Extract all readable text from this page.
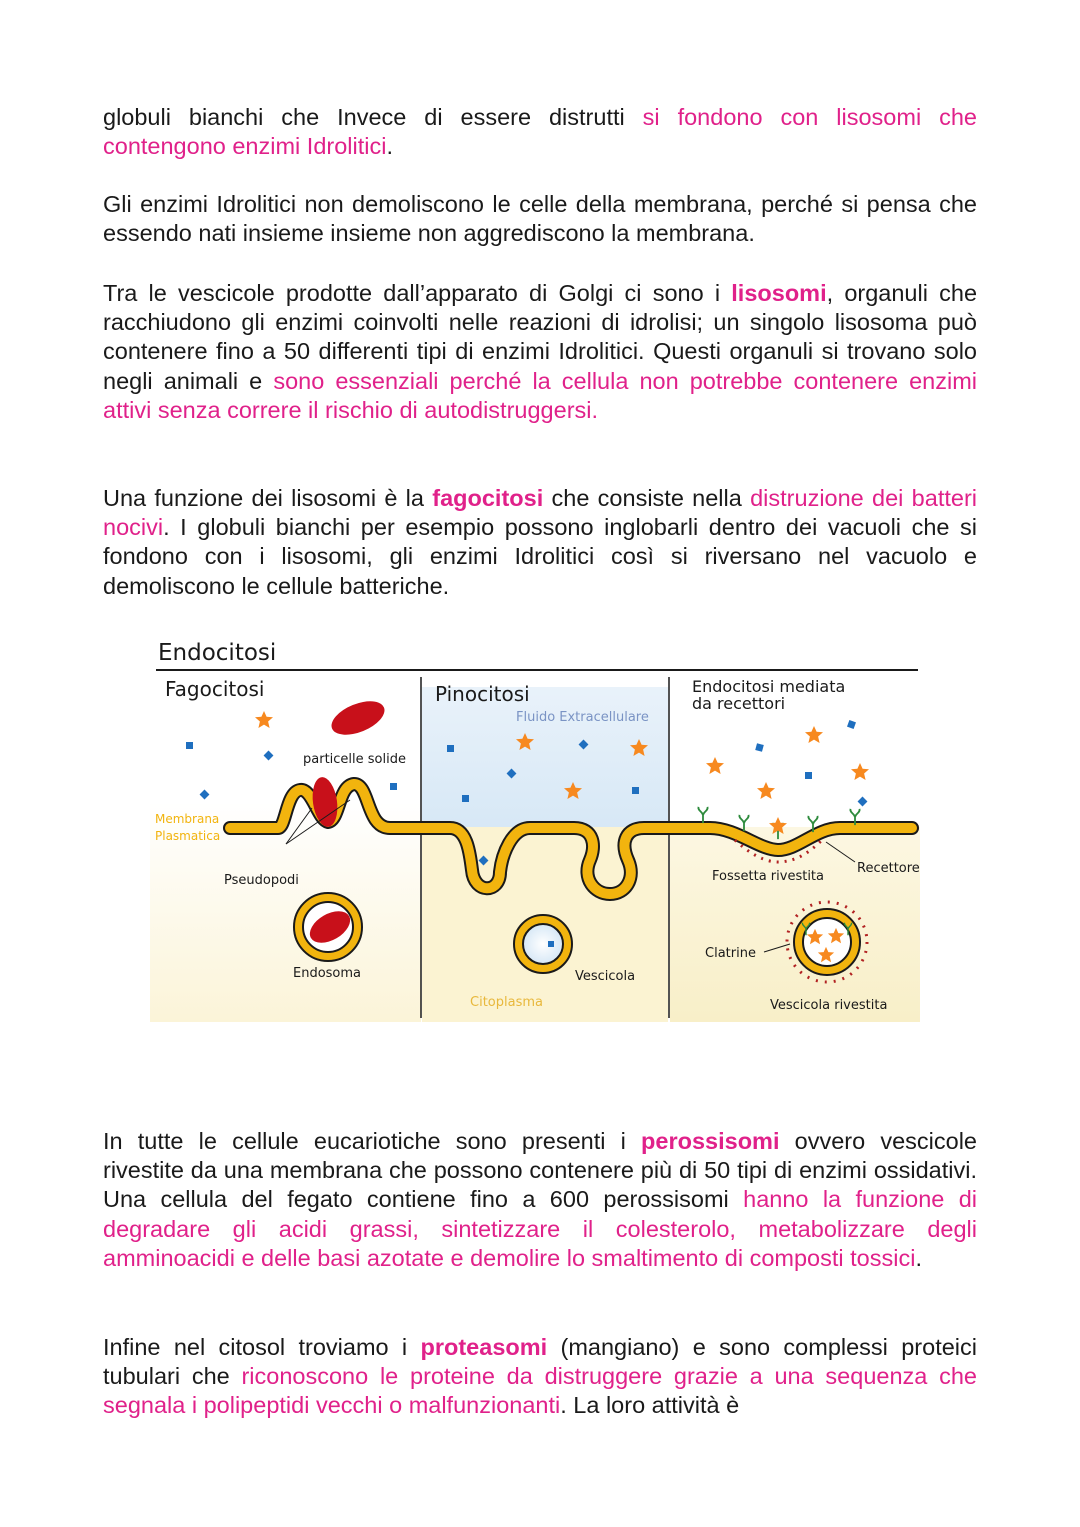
globuli bianchi che Invece di essere distrutti si fondono con lisosomi che contengono enzimi Idrolitici.

Gli enzimi Idrolitici non demoliscono le celle della membrana, perché si pensa che essendo nati insieme insieme non aggrediscono la membrana.

Tra le vescicole prodotte dall’apparato di Golgi ci sono i lisosomi, organuli che racchiudono gli enzimi coinvolti nelle reazioni di idrolisi; un singolo lisosoma può contenere fino a 50 differenti tipi di enzimi Idrolitici. Questi organuli si trovano solo negli animali e sono essenziali perché la cellula non potrebbe contenere enzimi attivi senza correre il rischio di autodistruggersi.

Una funzione dei lisosomi è la fagocitosi che consiste nella distruzione dei batteri nocivi. I globuli bianchi per esempio possono inglobarli dentro dei vacuoli che si fondono con i lisosomi, gli enzimi Idrolitici così si riversano nel vacuolo e demoliscono le cellule batteriche.

Endocitosi
Fagocitosi	Pinocitosi	Endocitosi mediata
da recettori
particelle solide
Membrana
Plasmatica
Pseudopodi
Endosoma
Fluido Extracellulare
Vescicola
Citoplasma
Fossetta rivestita
Recettore
Clatrine
Vescicola rivestita

In tutte le cellule eucariotiche sono presenti i perossisomi ovvero vescicole rivestite da una membrana che possono contenere più di 50 tipi di enzimi ossidativi. Una cellula del fegato contiene fino a 600 perossisomi hanno la funzione di degradare gli acidi grassi, sintetizzare il colesterolo, metabolizzare degli amminoacidi e delle basi azotate e demolire lo smaltimento di composti tossici.

Infine nel citosol troviamo i proteasomi (mangiano) e sono complessi proteici tubulari che riconoscono le proteine da distruggere grazie a una sequenza che segnala i polipeptidi vecchi o malfunzionanti. La loro attività è
